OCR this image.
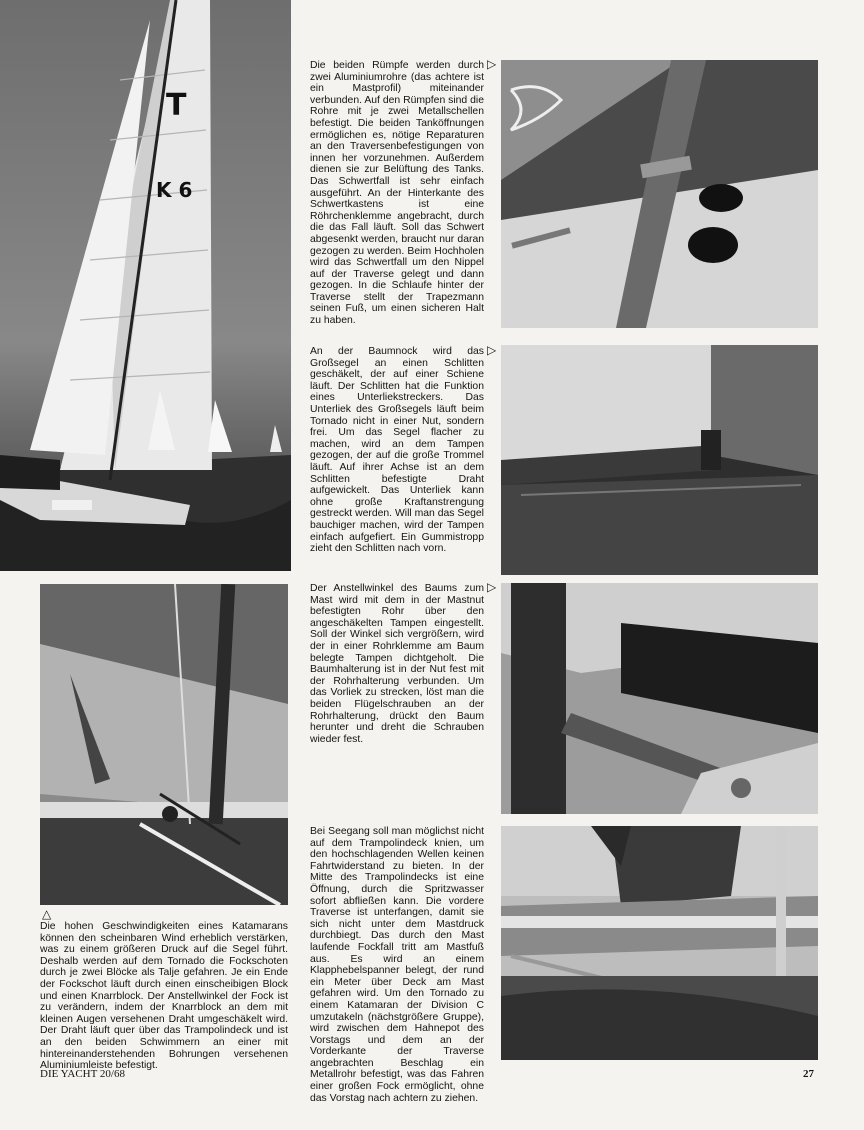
T
K 6
Die beiden Rümpfe werden durch zwei Aluminiumrohre (das achtere ist ein Mastprofil) miteinander verbunden. Auf den Rümpfen sind die Rohre mit je zwei Metallschellen befestigt. Die beiden Tanköffnungen ermöglichen es, nötige Reparaturen an den Traversenbefestigungen von innen her vorzunehmen. Außerdem dienen sie zur Belüftung des Tanks. Das Schwertfall ist sehr einfach ausgeführt. An der Hinterkante des Schwertkastens ist eine Röhrchenklemme angebracht, durch die das Fall läuft. Soll das Schwert abgesenkt werden, braucht nur daran gezogen zu werden. Beim Hochholen wird das Schwertfall um den Nippel auf der Traverse gelegt und dann gezogen. In die Schlaufe hinter der Traverse stellt der Trapezmann seinen Fuß, um einen sicheren Halt zu haben.
▷
An der Baumnock wird das Großsegel an einen Schlitten geschäkelt, der auf einer Schiene läuft. Der Schlitten hat die Funktion eines Unterliekstreckers. Das Unterliek des Großsegels läuft beim Tornado nicht in einer Nut, sondern frei. Um das Segel flacher zu machen, wird an dem Tampen gezogen, der auf die große Trommel läuft. Auf ihrer Achse ist an dem Schlitten befestigte Draht aufgewickelt. Das Unterliek kann ohne große Kraftanstrengung gestreckt werden. Will man das Segel bauchiger machen, wird der Tampen einfach aufgefiert. Ein Gummistropp zieht den Schlitten nach vorn.
▷
Der Anstellwinkel des Baums zum Mast wird mit dem in der Mastnut befestigten Rohr über den angeschäkelten Tampen eingestellt. Soll der Winkel sich vergrößern, wird der in einer Rohrklemme am Baum belegte Tampen dichtgeholt. Die Baumhalterung ist in der Nut fest mit der Rohrhalterung verbunden. Um das Vorliek zu strecken, löst man die beiden Flügelschrauben an der Rohrhalterung, drückt den Baum herunter und dreht die Schrauben wieder fest.
▷
△
Die hohen Geschwindigkeiten eines Katamarans können den scheinbaren Wind erheblich verstärken, was zu einem größeren Druck auf die Segel führt. Deshalb werden auf dem Tornado die Fockschoten durch je zwei Blöcke als Talje gefahren. Je ein Ende der Fockschot läuft durch einen einscheibigen Block und einen Knarrblock. Der Anstellwinkel der Fock ist zu verändern, indem der Knarrblock an dem mit kleinen Augen versehenen Draht umgeschäkelt wird. Der Draht läuft quer über das Trampolindeck und ist an den beiden Schwimmern an einer mit hintereinanderstehenden Bohrungen versehenen Aluminiumleiste befestigt.
Bei Seegang soll man möglichst nicht auf dem Trampolindeck knien, um den hochschlagenden Wellen keinen Fahrtwiderstand zu bieten. In der Mitte des Trampolindecks ist eine Öffnung, durch die Spritzwasser sofort abfließen kann. Die vordere Traverse ist unterfangen, damit sie sich nicht unter dem Mastdruck durchbiegt. Das durch den Mast laufende Fockfall tritt am Mastfuß aus. Es wird an einem Klapphebelspanner belegt, der rund ein Meter über Deck am Mast gefahren wird. Um den Tornado zu einem Katamaran der Division C umzutakeln (nächstgrößere Gruppe), wird zwischen dem Hahnepot des Vorstags und dem an der Vorderkante der Traverse angebrachten Beschlag ein Metallrohr befestigt, was das Fahren einer großen Fock ermöglicht, ohne das Vorstag nach achtern zu ziehen.
DIE YACHT 20/68	27
